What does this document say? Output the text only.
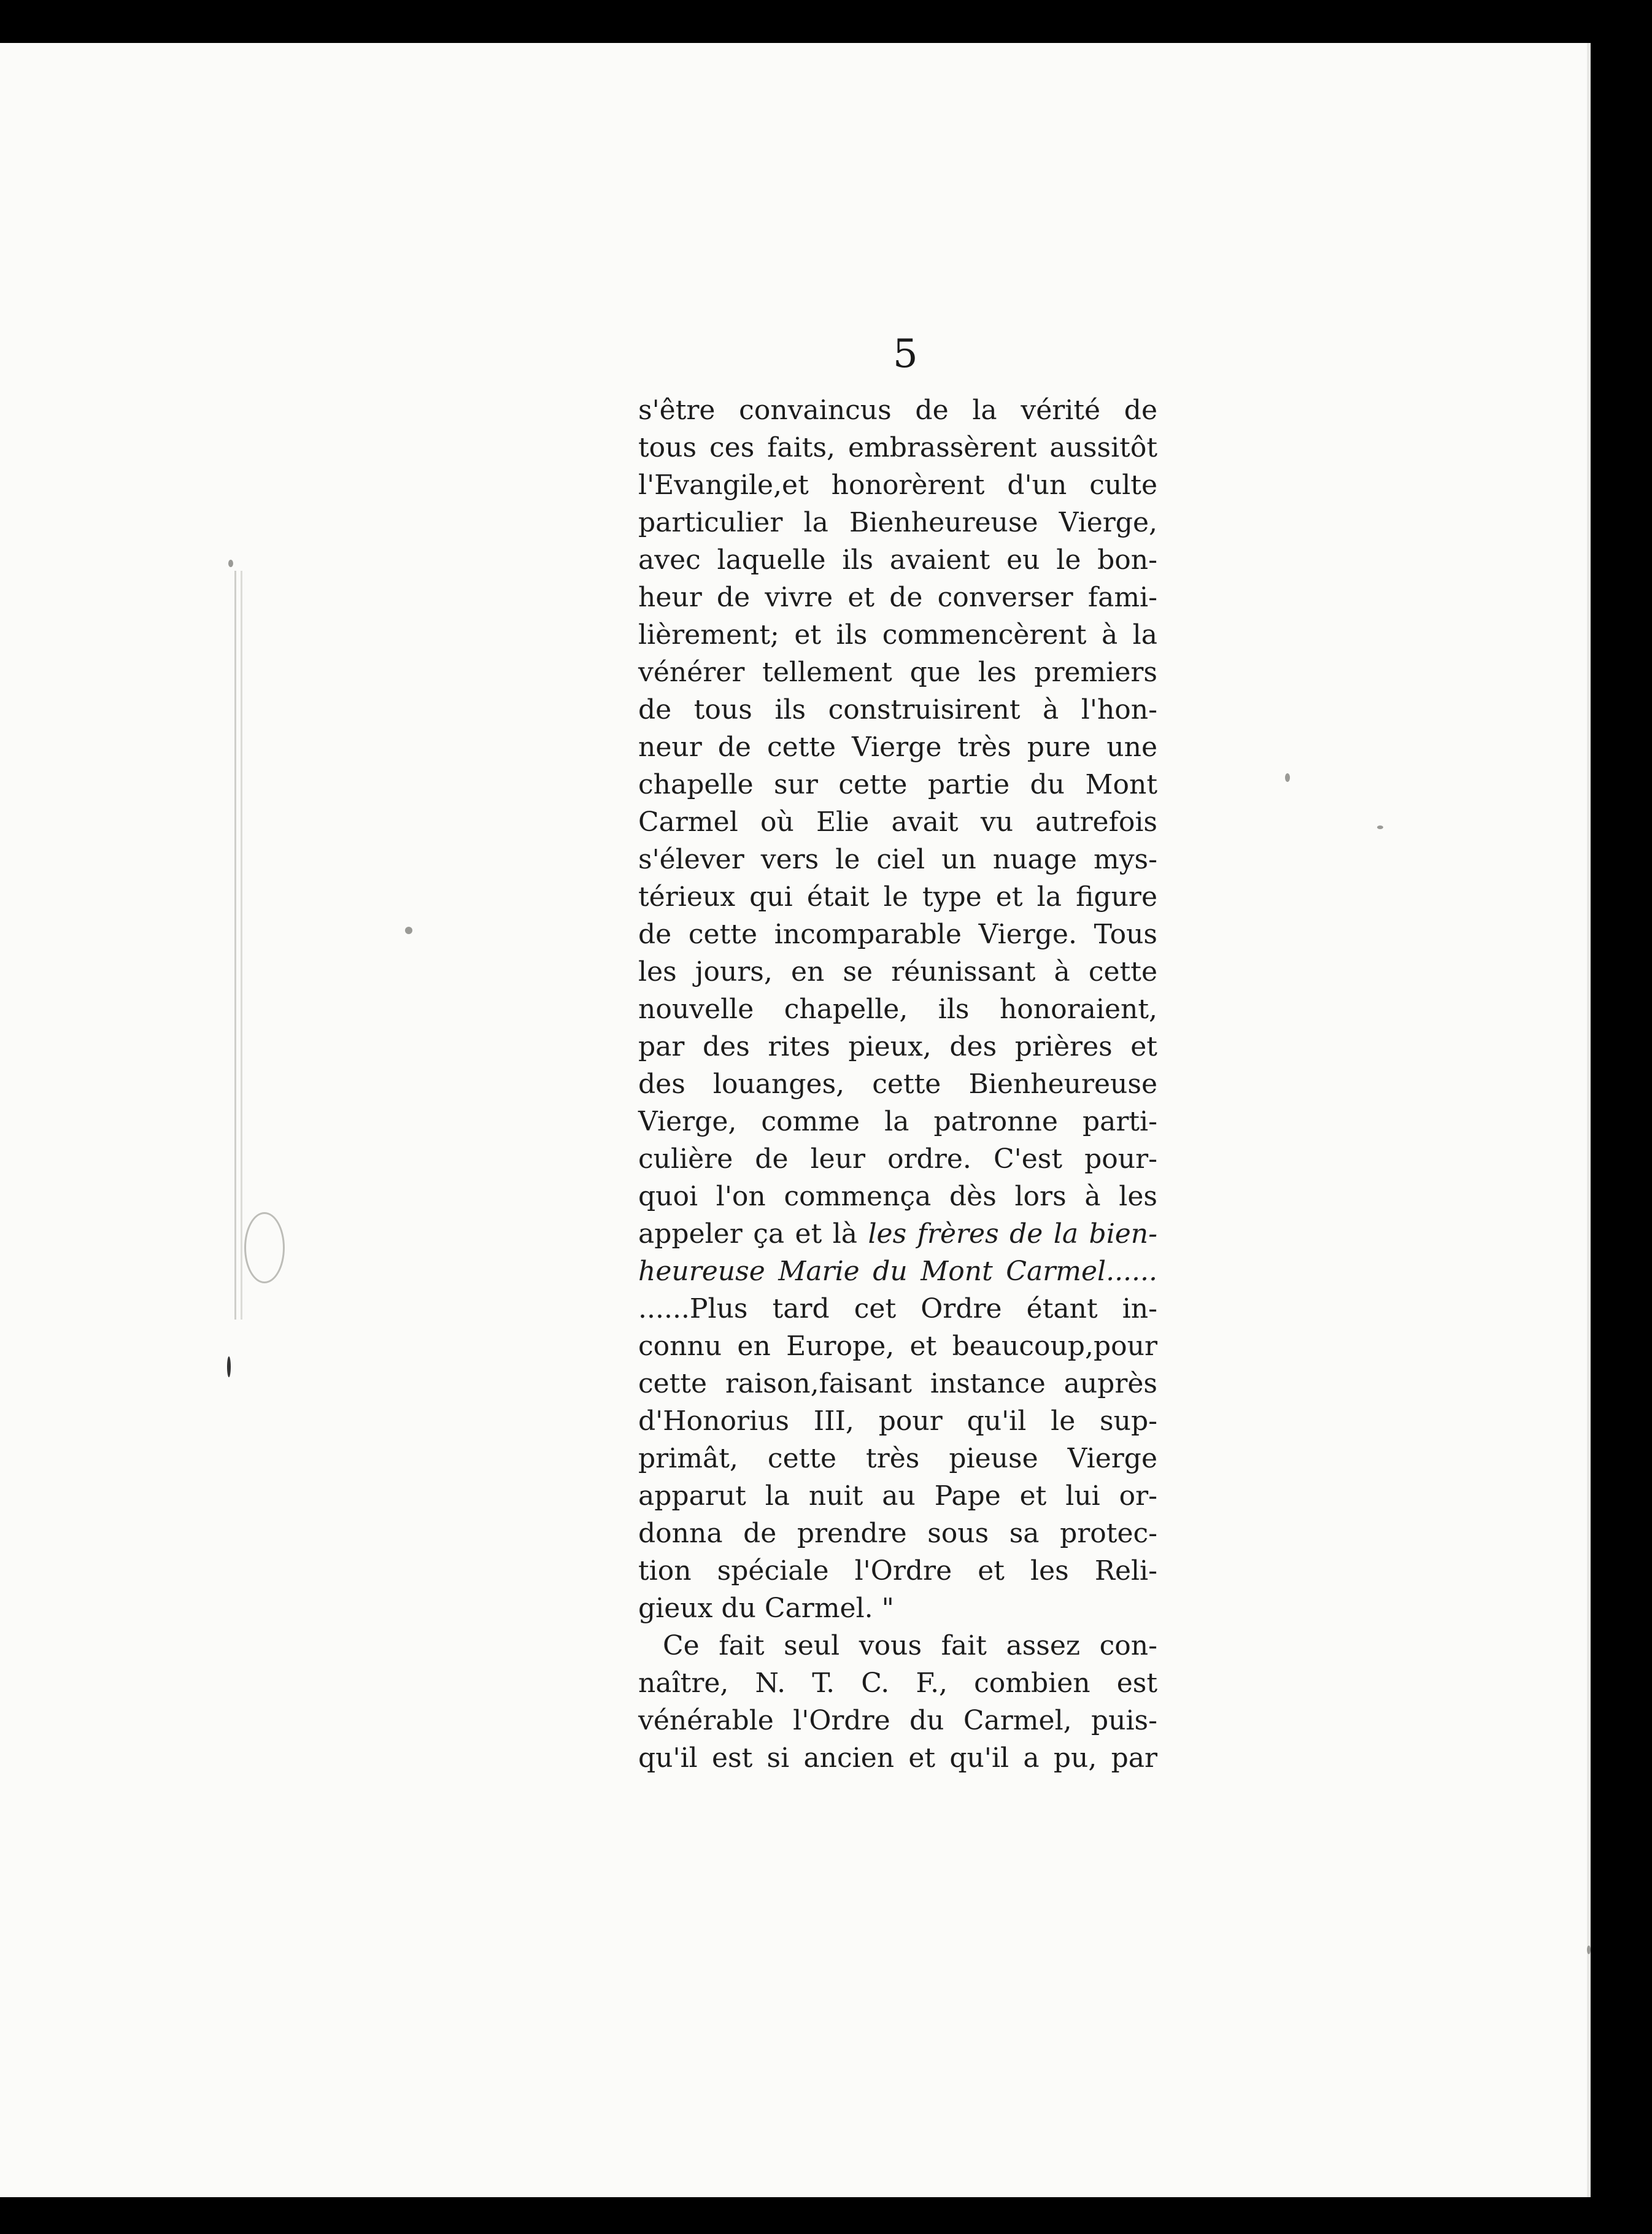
5

s'être convaincus de la vérité de
tous ces faits, embrassèrent aussitôt
l'Evangile,et honorèrent d'un culte
particulier la Bienheureuse Vierge,
avec laquelle ils avaient eu le bon-
heur de vivre et de converser fami-
lièrement; et ils commencèrent à la
vénérer tellement que les premiers
de tous ils construisirent à l'hon-
neur de cette Vierge très pure une
chapelle sur cette partie du Mont
Carmel où Elie avait vu autrefois
s'élever vers le ciel un nuage mys-
térieux qui était le type et la figure
de cette incomparable Vierge. Tous
les jours, en se réunissant à cette
nouvelle chapelle, ils honoraient,
par des rites pieux, des prières et
des louanges, cette Bienheureuse
Vierge, comme la patronne parti-
culière de leur ordre. C'est pour-
quoi l'on commença dès lors à les
appeler ça et là les frères de la bien-
heureuse Marie du Mont Carmel......
......Plus tard cet Ordre étant in-
connu en Europe, et beaucoup,pour
cette raison,faisant instance auprès
d'Honorius III, pour qu'il le sup-
primât, cette très pieuse Vierge
apparut la nuit au Pape et lui or-
donna de prendre sous sa protec-
tion spéciale l'Ordre et les Reli-
gieux du Carmel. "
Ce fait seul vous fait assez con-
naître, N. T. C. F., combien est
vénérable l'Ordre du Carmel, puis-
qu'il est si ancien et qu'il a pu, par
